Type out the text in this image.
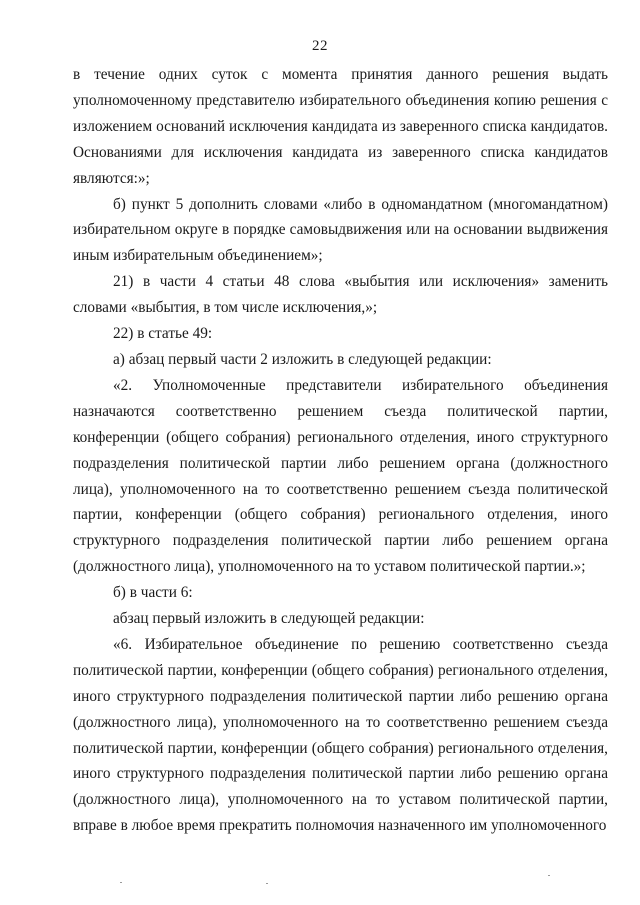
22

в течение одних суток с момента принятия данного решения выдать уполномоченному представителю избирательного объединения копию решения с изложением оснований исключения кандидата из заверенного списка кандидатов. Основаниями для исключения кандидата из заверенного списка кандидатов являются:»;

б) пункт 5 дополнить словами «либо в одномандатном (многомандатном) избирательном округе в порядке самовыдвижения или на основании выдвижения иным избирательным объединением»;

21) в части 4 статьи 48 слова «выбытия или исключения» заменить словами «выбытия, в том числе исключения,»;

22) в статье 49:

а) абзац первый части 2 изложить в следующей редакции:

«2. Уполномоченные представители избирательного объединения назначаются соответственно решением съезда политической партии, конференции (общего собрания) регионального отделения, иного структурного подразделения политической партии либо решением органа (должностного лица), уполномоченного на то соответственно решением съезда политической партии, конференции (общего собрания) регионального отделения, иного структурного подразделения политической партии либо решением органа (должностного лица), уполномоченного на то уставом политической партии.»;

б) в части 6:

абзац первый изложить в следующей редакции:

«6. Избирательное объединение по решению соответственно съезда политической партии, конференции (общего собрания) регионального отделения, иного структурного подразделения политической партии либо решению органа (должностного лица), уполномоченного на то соответственно решением съезда политической партии, конференции (общего собрания) регионального отделения, иного структурного подразделения политической партии либо решению органа (должностного лица), уполномоченного на то уставом политической партии, вправе в любое время прекратить полномочия назначенного им уполномоченного
